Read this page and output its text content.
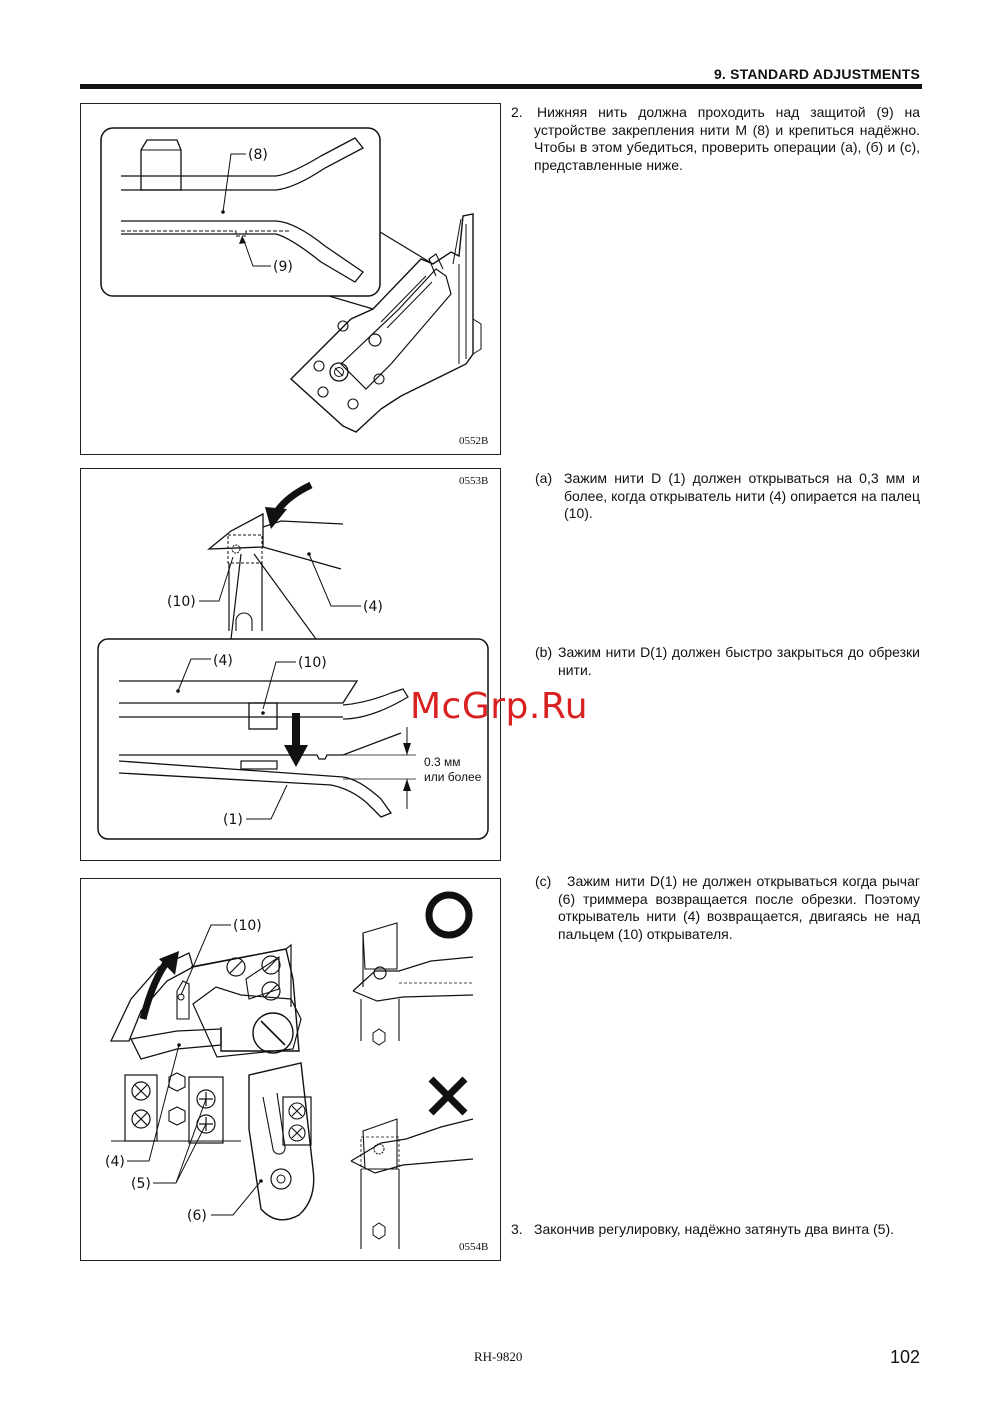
9. STANDARD ADJUSTMENTS
(8)
(9)
0552B
(10)	(4)
(4)	(10)
(1)
0.3 мм
или более
0553B
(10)
(4)
(5)
(6)
0554B
2.	Нижняя нить должна проходить над защитой (9) на устройстве закрепления нити M (8) и крепиться надёжно. Чтобы в этом убедиться, проверить операции (a), (б) и (c), представленные ниже.
(a) Зажим нити D (1) должен открываться на 0,3 мм и более, когда открыватель нити (4) опирается на палец (10).
(b) Зажим нити D(1) должен быстро закрыться до обрезки нити.
(c)	Зажим нити D(1) не должен открываться когда рычаг (6) триммера возвращается после обрезки. Поэтому открыватель нити (4) возвращается, двигаясь не над пальцем (10) открывателя.
3. Закончив регулировку, надёжно затянуть два винта (5).
McGrp.Ru
RH-9820	102
